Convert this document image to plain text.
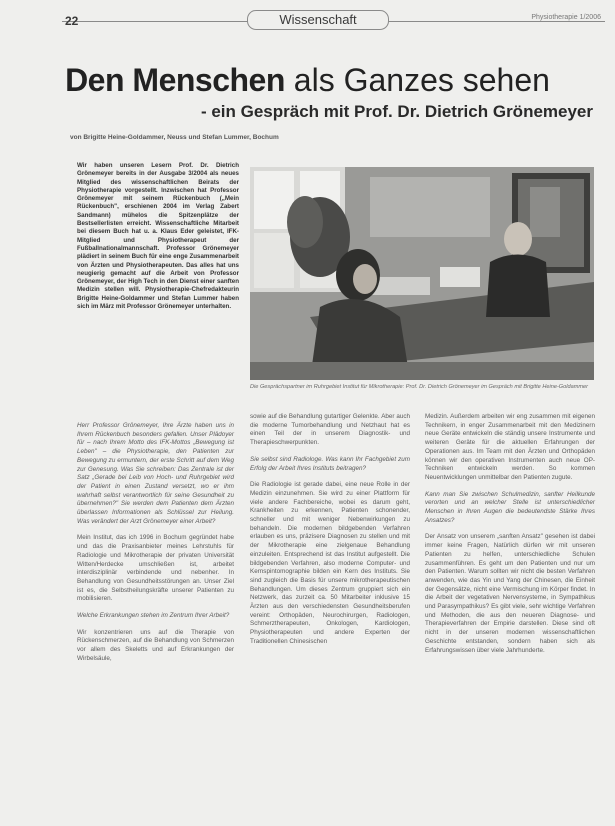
22	Wissenschaft	Physiotherapie 1/2006
Den Menschen als Ganzes sehen
- ein Gespräch mit Prof. Dr. Dietrich Grönemeyer
von Brigitte Heine-Goldammer, Neuss und Stefan Lummer, Bochum
Wir haben unseren Lesern Prof. Dr. Dietrich Grönemeyer bereits in der Ausgabe 3/2004 als neues Mitglied des wissenschaftlichen Beirats der Physiotherapie vorgestellt. Inzwischen hat Professor Grönemeyer mit seinem Rückenbuch („Mein Rückenbuch", erschienen 2004 im Verlag Zabert Sandmann) mühelos die Spitzenplätze der Bestsellerlisten erreicht. Wissenschaftliche Mitarbeit bei diesem Buch hat u. a. Klaus Eder geleistet, IFK-Mitglied und Physiotherapeut der Fußballnationalmannschaft. Professor Grönemeyer plädiert in seinem Buch für eine enge Zusammenarbeit von Ärzten und Physiotherapeuten. Das alles hat uns neugierig gemacht auf die Arbeit von Professor Grönemeyer, der High Tech in den Dienst einer sanften Medizin stellen will. Physiotherapie-Chefredakteurin Brigitte Heine-Goldammer und Stefan Lummer haben sich im März mit Professor Grönemeyer unterhalten.
Die Gesprächspartner im Ruhrgebiet Institut für Mikrotherapie: Prof. Dr. Dietrich Grönemeyer im Gespräch mit Brigitte Heine-Goldammer

Herr Professor Grönemeyer, Ihre Ärzte haben uns in Ihrem Rückenbuch besonders gefallen. Unser Plädoyer für – nach Ihrem Motto des IFK-Mottos „Bewegung ist Leben" – die Physiotherapie, den Patienten zur Bewegung zu ermuntern, der erste Schritt auf dem Weg zur Genesung. Was Sie schreiben: Das Zentrale ist der Satz „Gerade bei Leib von Hoch- und Ruhrgebiet wird der Patient in einen Zustand versetzt, wo er ihm wahrhaft selbst verantwortlich für seine Gesundheit zu übernehmen?" Sie werden dem Patienten dem Ärzten überlassen Informationen als Schlüssel zur Heilung. Was verändert der Arzt Grönemeyer einer Arbeit?

Mein Institut, das ich 1996 in Bochum gegründet habe und das die Praxisanbieter meines Lehrstuhls für Radiologie und Mikrotherapie der privaten Universität Witten/Herdecke umschließen ist, arbeitet interdisziplinär verbindende und nebenher. In Behandlung von Gesundheitsstörungen an. Unser Ziel ist es, die Selbstheilungskräfte unserer Patienten zu mobilisieren.

Welche Erkrankungen stehen im Zentrum Ihrer Arbeit?

Wir konzentrieren uns auf die Therapie von Rückenschmerzen, auf die Behandlung von Schmerzen vor allem des Skeletts und auf Erkrankungen der Wirbelsäule,

sowie auf die Behandlung gutartiger Gelenkte. Aber auch die moderne Tumorbehandlung und Netzhaut hat es einen Teil der in unserem Diagnostik- und Therapieschwerpunkten.

Sie selbst sind Radiologe. Was kann Ihr Fachgebiet zum Erfolg der Arbeit Ihres Instituts beitragen?

Die Radiologie ist gerade dabei, eine neue Rolle in der Medizin einzunehmen. Sie wird zu einer Plattform für viele andere Fachbereiche, wobei es darum geht, Krankheiten zu erkennen, Patienten schonender, schneller und mit weniger Nebenwirkungen zu behandeln. Die modernen bildgebenden Verfahren erlauben es uns, präzisere Diagnosen zu stellen und mit der Mikrotherapie eine zielgenaue Behandlung einzuleiten. Entsprechend ist das Institut aufgestellt. Die bildgebenden Verfahren, also moderne Computer- und Kernspintomographie bilden ein Kern des Instituts. Sie sind zugleich die Basis für unsere mikrotherapeutischen Behandlungen. Um dieses Zentrum gruppiert sich ein Netzwerk, das zurzeit ca. 50 Mitarbeiter inklusive 15 Ärzten aus den verschiedensten Gesundheitsberufen vereint: Orthopäden, Neurochirurgen, Radiologen, Schmerztherapeuten, Onkologen, Kardiologen, Physiotherapeuten und andere Experten der Traditionellen Chinesischen

Medizin. Außerdem arbeiten wir eng zusammen mit eigenen Technikern, in enger Zusammenarbeit mit den Medizinern neue Geräte entwickeln die ständig unsere Instrumente und weiteren Geräte für die aktuellen Erfahrungen der Operationen aus. Im Team mit den Ärzten und Orthopäden können wir den operativen Instrumenten auch neue OP-Techniken entwickeln werden. So kommen Neuentwicklungen unmittelbar den Patienten zugute.

Kann man Sie zwischen Schulmedizin, sanfter Heilkunde verorten und an welcher Stelle ist unterschiedlicher Menschen in Ihren Augen die bedeutendste Stärke Ihres Ansatzes?

Der Ansatz von unserem „sanften Ansatz" gesehen ist dabei immer keine Fragen, Natürlich dürfen wir mit unseren Patienten zu helfen, unterschiedliche Schulen zusammenführen. Es geht um den Patienten und nur um den Patienten. Warum sollten wir nicht die besten Verfahren anwenden, wie das Yin und Yang der Chinesen, die Einheit der Gegensätze, nicht eine Vermischung im Körper findet. In die Arbeit der vegetativen Nervensysteme, in Sympathikus und Parasympathikus? Es gibt viele, sehr wichtige Verfahren und Methoden, die aus den neueren Diagnose- und Therapieverfahren der Empirie darstellen. Diese sind oft nicht in der unseren modernen wissenschaftlichen Geschichte entstanden, sondern haben sich als Erfahrungswissen über viele Jahrhunderte.
